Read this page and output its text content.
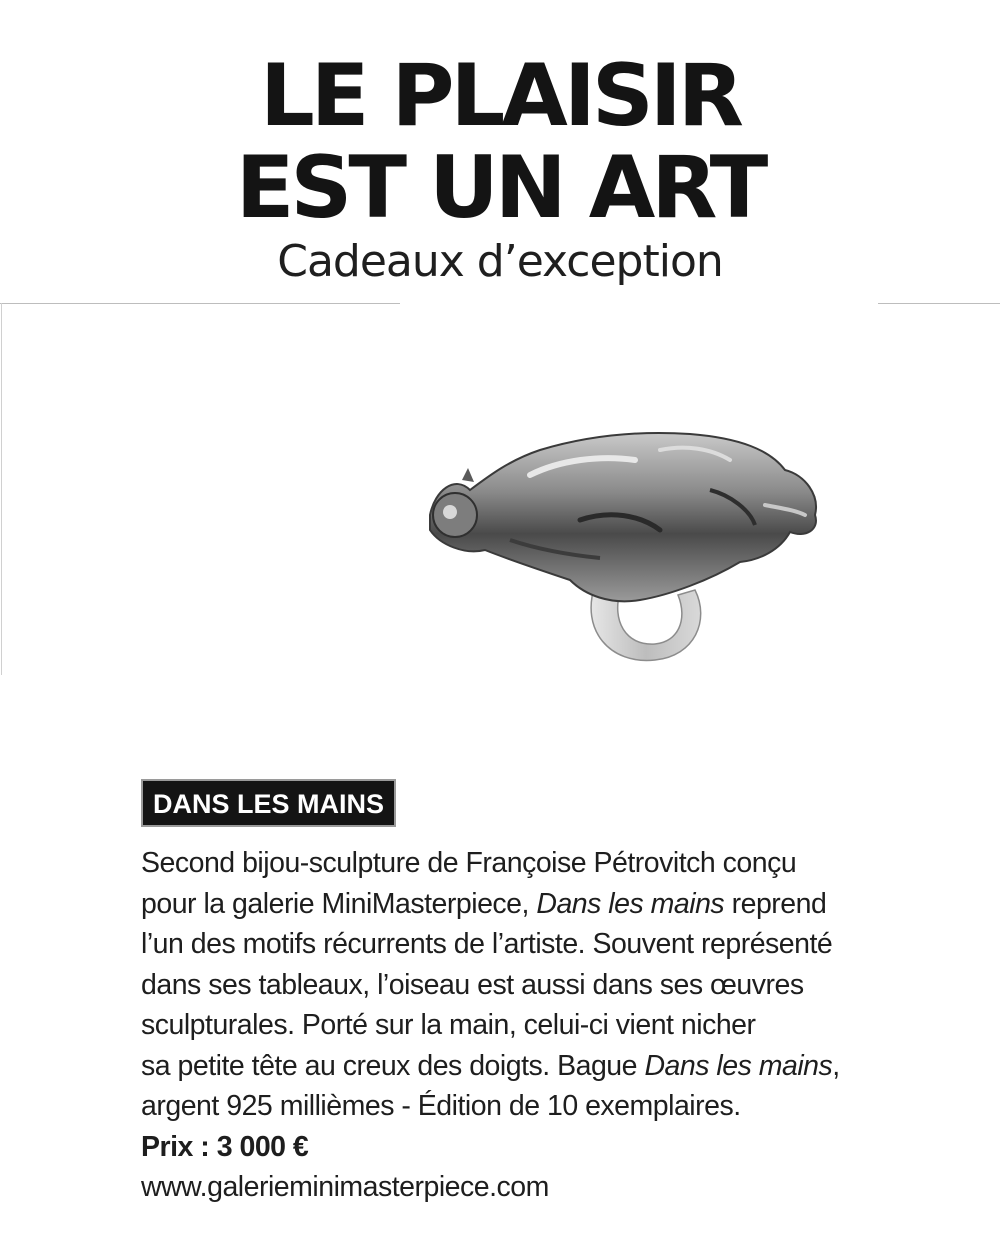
LE PLAISIR
EST UN ART
Cadeaux d’exception
DANS LES MAINS

Second bijou-sculpture de Françoise Pétrovitch conçu

pour la galerie MiniMasterpiece, Dans les mains reprend

l’un des motifs récurrents de l’artiste. Souvent représenté

dans ses tableaux, l’oiseau est aussi dans ses œuvres

sculpturales. Porté sur la main, celui-ci vient nicher

sa petite tête au creux des doigts. Bague Dans les mains,

argent 925 millièmes - Édition de 10 exemplaires.

Prix : 3 000 €

www.galerieminimasterpiece.com
